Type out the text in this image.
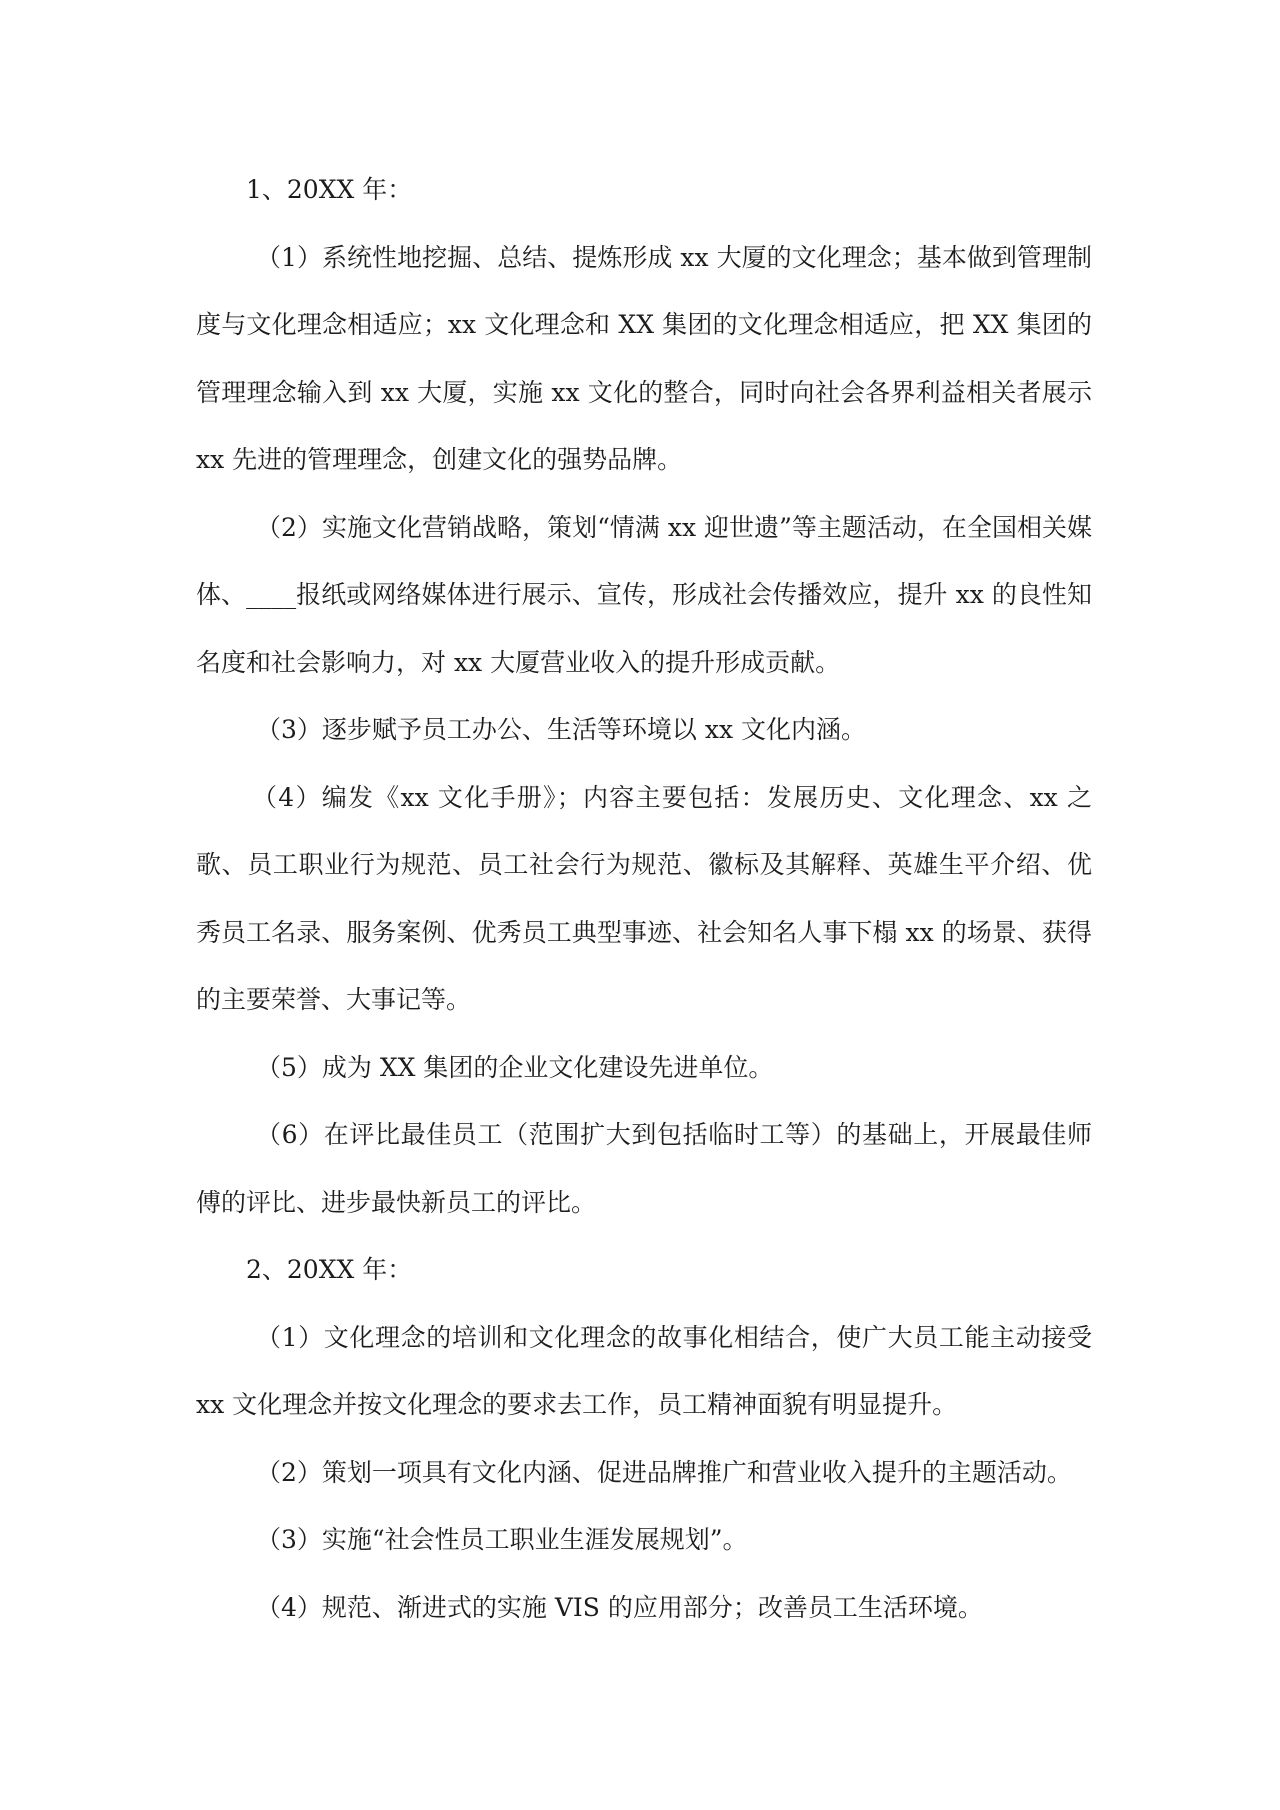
1、20XX 年：

（1）系统性地挖掘、总结、提炼形成 xx 大厦的文化理念；基本做到管理制度与文化理念相适应；xx 文化理念和 XX 集团的文化理念相适应，把 XX 集团的管理理念输入到 xx 大厦，实施 xx 文化的整合，同时向社会各界利益相关者展示 xx 先进的管理理念，创建文化的强势品牌。

（2）实施文化营销战略，策划“情满 xx 迎世遗”等主题活动，在全国相关媒体、____报纸或网络媒体进行展示、宣传，形成社会传播效应，提升 xx 的良性知名度和社会影响力，对 xx 大厦营业收入的提升形成贡献。

（3）逐步赋予员工办公、生活等环境以 xx 文化内涵。

（4）编发《xx 文化手册》；内容主要包括：发展历史、文化理念、xx 之歌、员工职业行为规范、员工社会行为规范、徽标及其解释、英雄生平介绍、优秀员工名录、服务案例、优秀员工典型事迹、社会知名人事下榻 xx 的场景、获得的主要荣誉、大事记等。

（5）成为 XX 集团的企业文化建设先进单位。

（6）在评比最佳员工（范围扩大到包括临时工等）的基础上，开展最佳师傅的评比、进步最快新员工的评比。

2、20XX 年：

（1）文化理念的培训和文化理念的故事化相结合，使广大员工能主动接受 xx 文化理念并按文化理念的要求去工作，员工精神面貌有明显提升。

（2）策划一项具有文化内涵、促进品牌推广和营业收入提升的主题活动。

（3）实施“社会性员工职业生涯发展规划”。

（4）规范、渐进式的实施 VIS 的应用部分；改善员工生活环境。
